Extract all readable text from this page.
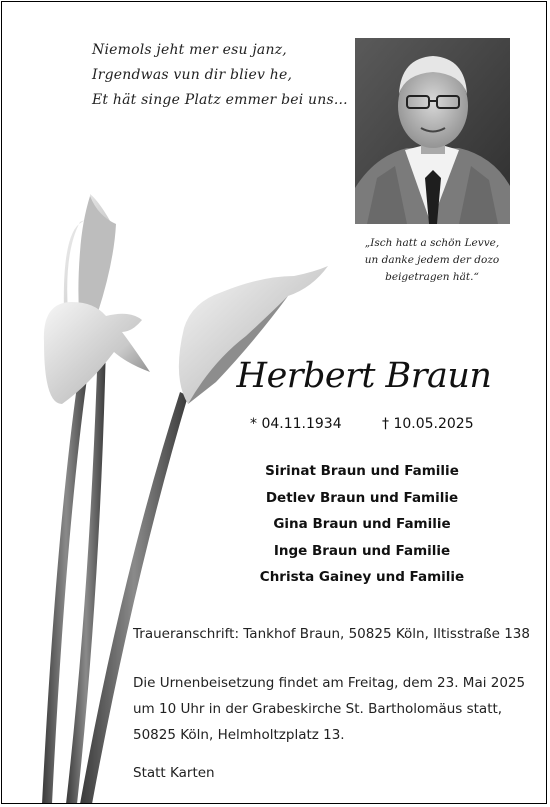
Niemols jeht mer esu janz,
Irgendwas vun dir bliev he,
Et hät singe Platz emmer bei uns...
„Isch hatt a schön Levve,
un danke jedem der dozo
beigetragen hät.“
Herbert Braun
* 04.11.1934	† 10.05.2025
Sirinat Braun und Familie
Detlev Braun und Familie
Gina Braun und Familie
Inge Braun und Familie
Christa Gainey und Familie
Traueranschrift: Tankhof Braun, 50825 Köln, Iltisstraße 138
Die Urnenbeisetzung findet am Freitag, dem 23. Mai 2025
um 10 Uhr in der Grabeskirche St. Bartholomäus statt,
50825 Köln, Helmholtzplatz 13.
Statt Karten
